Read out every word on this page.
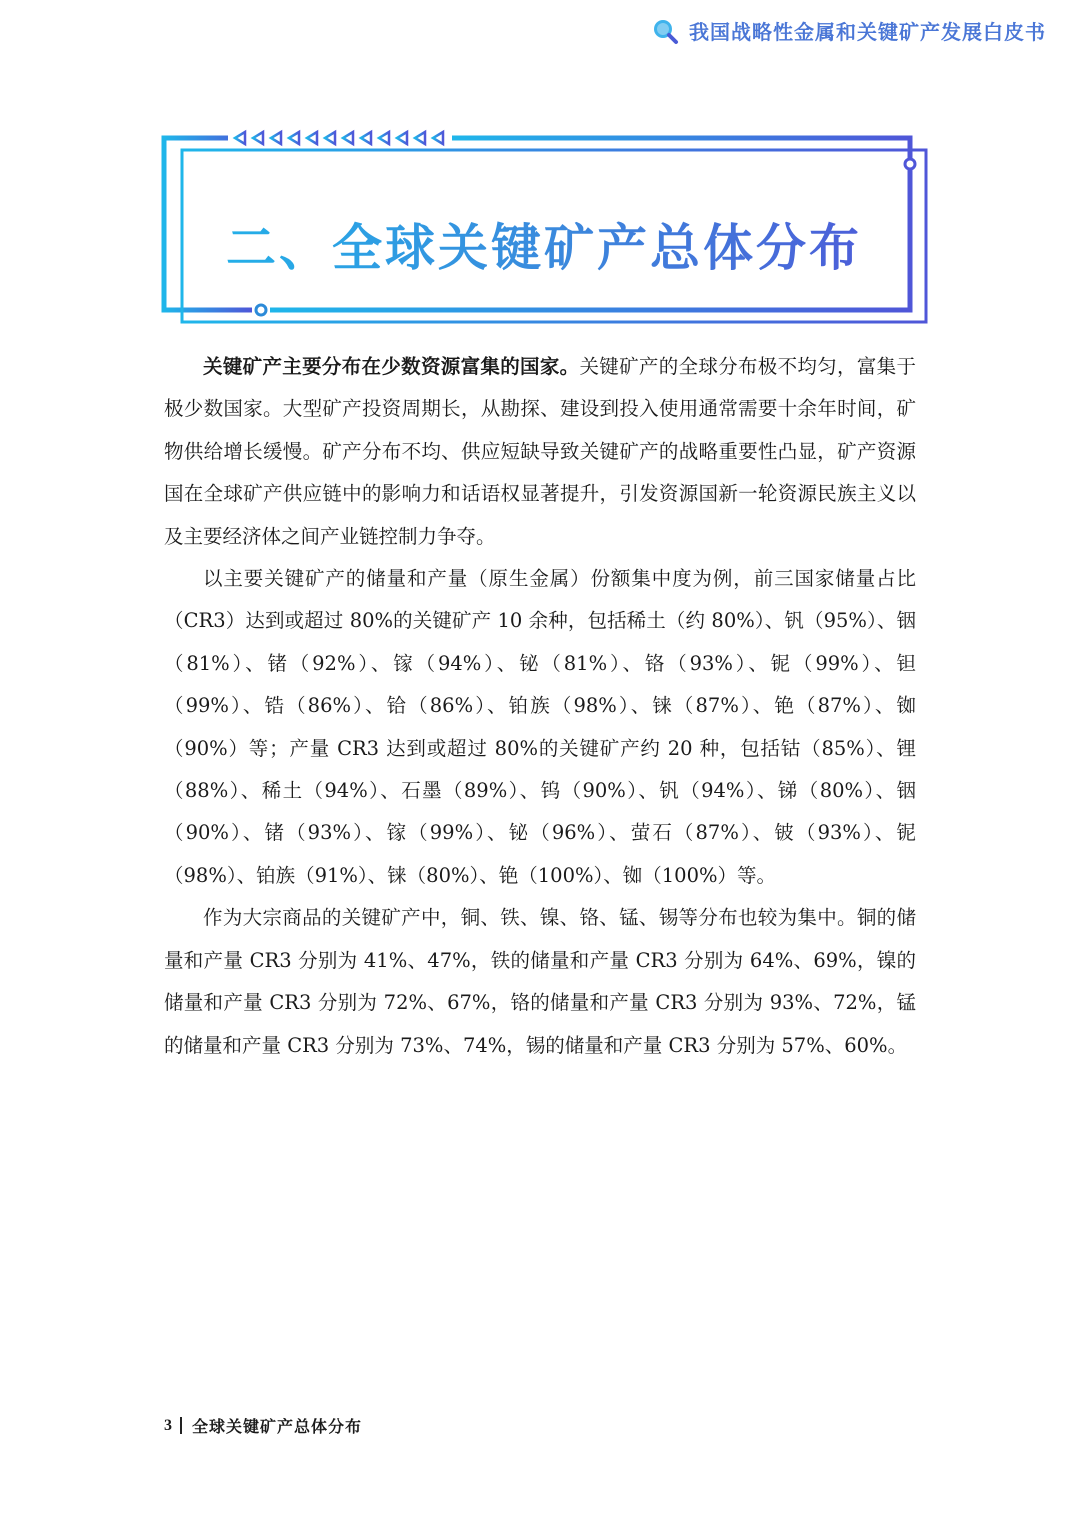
我国战略性金属和关键矿产发展白皮书
二、全球关键矿产总体分布

关键矿产主要分布在少数资源富集的国家。关键矿产的全球分布极不均匀，富集于极少数国家。大型矿产投资周期长，从勘探、建设到投入使用通常需要十余年时间，矿物供给增长缓慢。矿产分布不均、供应短缺导致关键矿产的战略重要性凸显，矿产资源国在全球矿产供应链中的影响力和话语权显著提升，引发资源国新一轮资源民族主义以及主要经济体之间产业链控制力争夺。

以主要关键矿产的储量和产量（原生金属）份额集中度为例，前三国家储量占比（CR3）达到或超过 80%的关键矿产 10 余种，包括稀土（约 80%）、钒（95%）、铟（81%）、锗（92%）、镓（94%）、铋（81%）、铬（93%）、铌（99%）、钽（99%）、锆（86%）、铪（86%）、铂族（98%）、铼（87%）、铯（87%）、铷（90%）等；产量 CR3 达到或超过 80%的关键矿产约 20 种，包括钴（85%）、锂（88%）、稀土（94%）、石墨（89%）、钨（90%）、钒（94%）、锑（80%）、铟（90%）、锗（93%）、镓（99%）、铋（96%）、萤石（87%）、铍（93%）、铌（98%）、铂族（91%）、铼（80%）、铯（100%）、铷（100%）等。

作为大宗商品的关键矿产中，铜、铁、镍、铬、锰、锡等分布也较为集中。铜的储量和产量 CR3 分别为 41%、47%，铁的储量和产量 CR3 分别为 64%、69%，镍的储量和产量 CR3 分别为 72%、67%，铬的储量和产量 CR3 分别为 93%、72%，锰的储量和产量 CR3 分别为 73%、74%，锡的储量和产量 CR3 分别为 57%、60%。

3 全球关键矿产总体分布
